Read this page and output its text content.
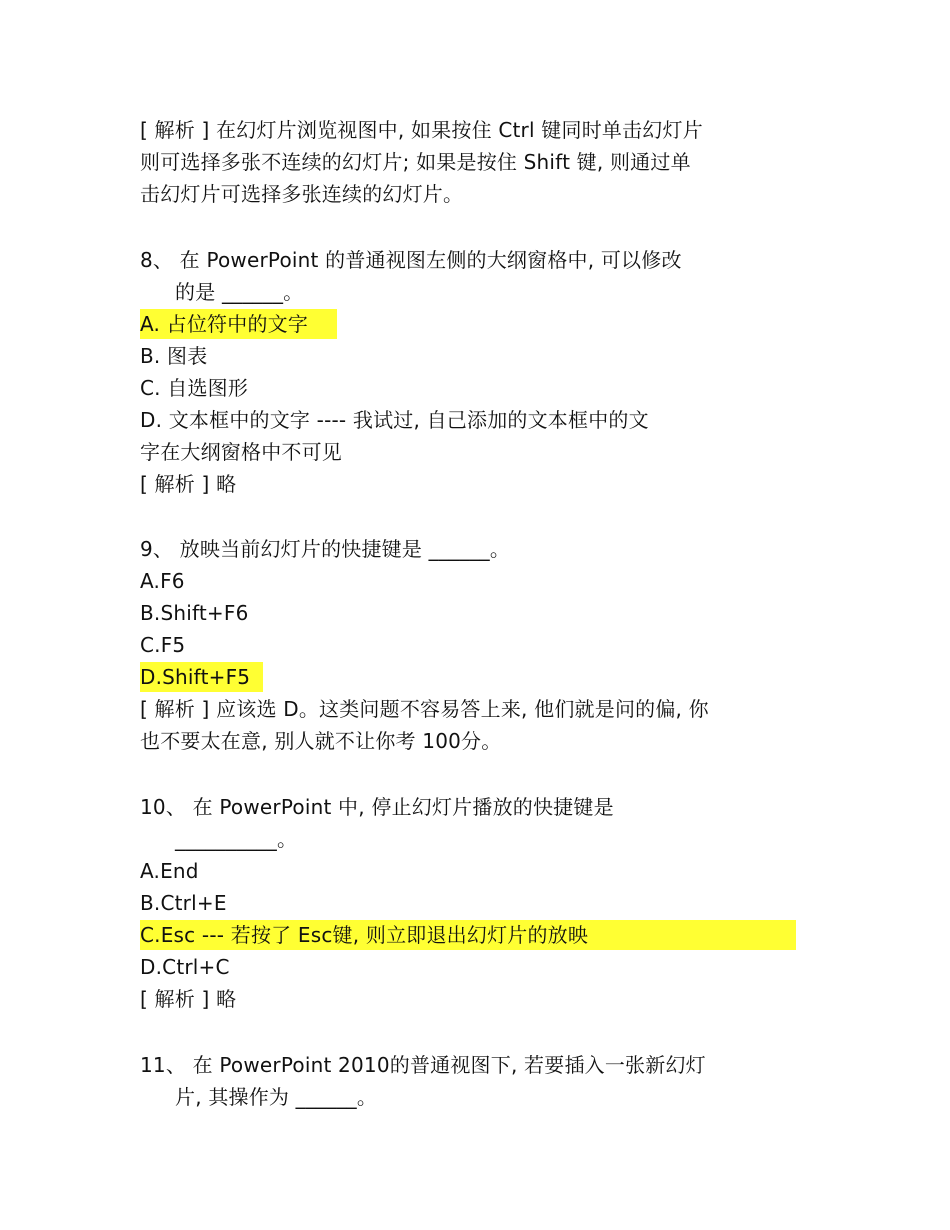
[ 解析 ] 在幻灯片浏览视图中, 如果按住 Ctrl 键同时单击幻灯片
则可选择多张不连续的幻灯片; 如果是按住 Shift 键, 则通过单
击幻灯片可选择多张连续的幻灯片。
8、 在 PowerPoint 的普通视图左侧的大纲窗格中, 可以修改
的是 ______。
A. 占位符中的文字
B. 图表
C. 自选图形
D. 文本框中的文字 ---- 我试过, 自己添加的文本框中的文
字在大纲窗格中不可见
[ 解析 ] 略
9、 放映当前幻灯片的快捷键是 ______。
A.F6
B.Shift+F6
C.F5
D.Shift+F5
[ 解析 ] 应该选 D。这类问题不容易答上来, 他们就是问的偏, 你
也不要太在意, 别人就不让你考 100分。
10、 在 PowerPoint 中, 停止幻灯片播放的快捷键是
__________。
A.End
B.Ctrl+E
C.Esc --- 若按了 Esc键, 则立即退出幻灯片的放映
D.Ctrl+C
[ 解析 ] 略
11、 在 PowerPoint 2010的普通视图下, 若要插入一张新幻灯
片, 其操作为 ______。
